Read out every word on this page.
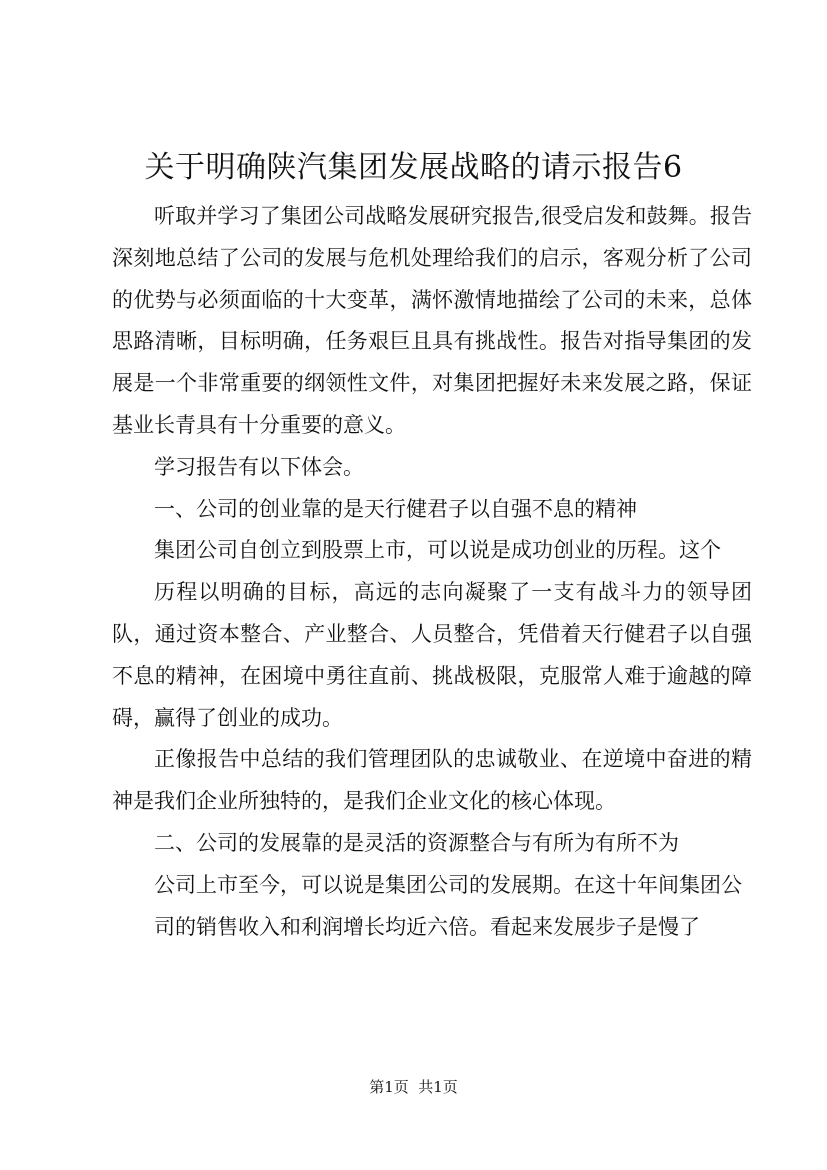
关于明确陕汽集团发展战略的请示报告6

听取并学习了集团公司战略发展研究报告,很受启发和鼓舞。报告深刻地总结了公司的发展与危机处理给我们的启示，客观分析了公司的优势与必须面临的十大变革，满怀激情地描绘了公司的未来，总体思路清晰，目标明确，任务艰巨且具有挑战性。报告对指导集团的发展是一个非常重要的纲领性文件，对集团把握好未来发展之路，保证基业长青具有十分重要的意义。

学习报告有以下体会。

一、公司的创业靠的是天行健君子以自强不息的精神

集团公司自创立到股票上市，可以说是成功创业的历程。这个

历程以明确的目标，高远的志向凝聚了一支有战斗力的领导团队，通过资本整合、产业整合、人员整合，凭借着天行健君子以自强不息的精神，在困境中勇往直前、挑战极限，克服常人难于逾越的障碍，赢得了创业的成功。

正像报告中总结的我们管理团队的忠诚敬业、在逆境中奋进的精神是我们企业所独特的，是我们企业文化的核心体现。

二、公司的发展靠的是灵活的资源整合与有所为有所不为

公司上市至今，可以说是集团公司的发展期。在这十年间集团公

司的销售收入和利润增长均近六倍。看起来发展步子是慢了

第1页  共1页
